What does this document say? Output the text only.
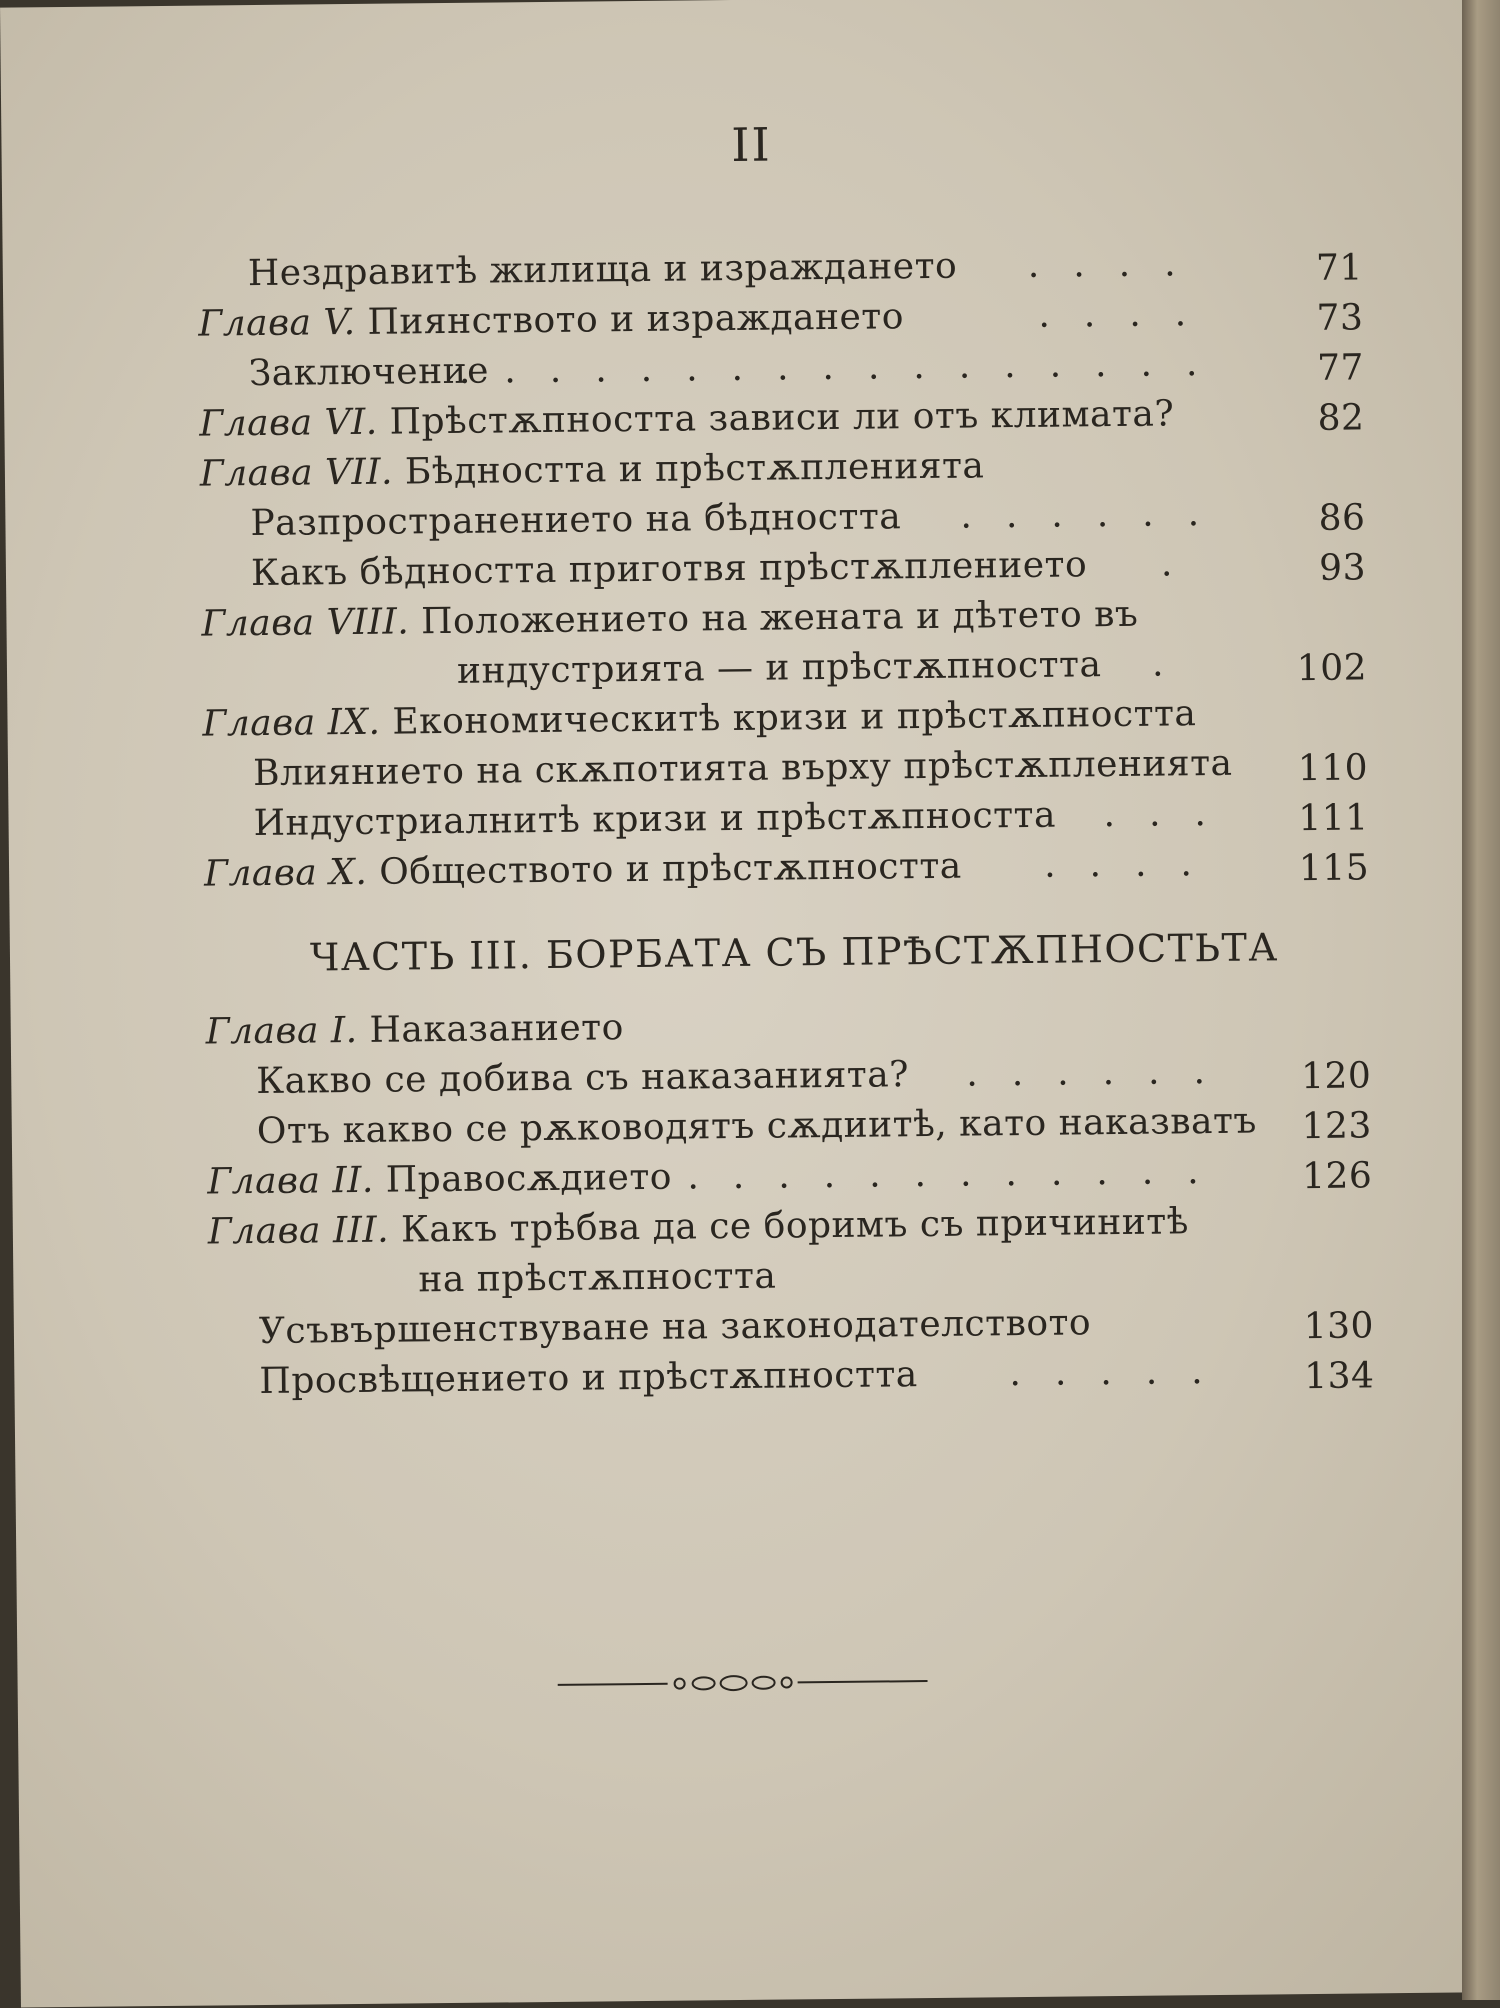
II
Нездравитѣ жилища и израждането	71
....
Глава V. Пиянството и израждането	73
....
Заключение	77
.................
Глава VI. Прѣстѫпността зависи ли отъ климата?	82
Глава VII. Бѣдността и прѣстѫпленията
Разпространението на бѣдността	86
......
Какъ бѣдността приготвя прѣстѫплението	93
.
Глава VIII. Положението на жената и дѣтето въ
индустрията — и прѣстѫпността	102
.
Глава IX. Економическитѣ кризи и прѣстѫпността
Влиянието на скѫпотията върху прѣстѫпленията	110
Индустриалнитѣ кризи и прѣстѫпността	111
...
Глава X. Обществото и прѣстѫпността	115
....
ЧАСТЬ III. БОРБАТА СЪ ПРѢСТѪПНОСТЬТА
Глава I. Наказанието
Какво се добива съ наказанията?	120
......
Отъ какво се рѫководятъ сѫдиитѣ, като наказватъ	123
Глава II. Правосѫдието	126
............
Глава III. Какъ трѣбва да се боримъ съ причинитѣ
на прѣстѫпността
Усъвършенствуване на законодателството	130
Просвѣщението и прѣстѫпността	134
.....
